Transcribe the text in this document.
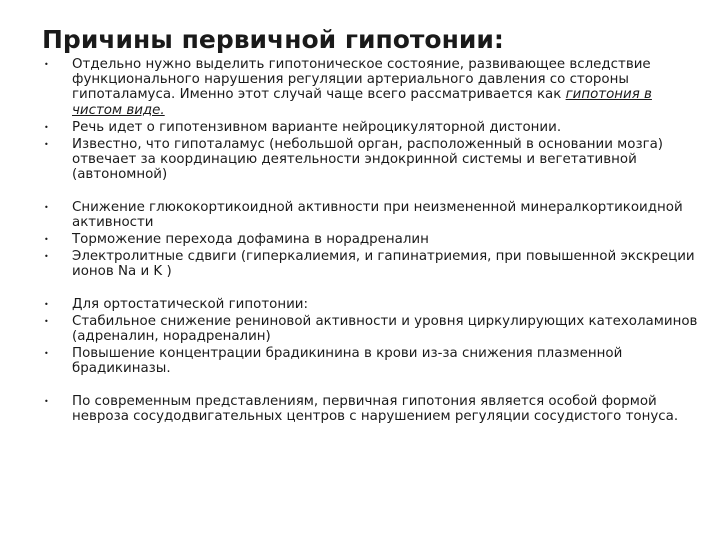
Причины первичной гипотонии:
•	Отдельно нужно выделить гипотоническое состояние, развивающее вследствие функционального нарушения регуляции артериального давления со стороны гипоталамуса. Именно этот случай чаще всего рассматривается как гипотония в чистом виде.
•	Речь идет о гипотензивном варианте нейроцикуляторной дистонии.
•	Известно, что гипоталамус (небольшой орган, расположенный в основании мозга) отвечает за координацию деятельности эндокринной системы и вегетативной (автономной)
•	Снижение глюкокортикоидной активности при неизмененной минералкортикоидной активности
•	Торможение перехода дофамина в норадреналин
•	Электролитные сдвиги (гиперкалиемия, и гапинатриемия, при повышенной экскреции ионов Na и K )
•	Для ортостатической гипотонии:
•	Стабильное снижение рениновой активности и уровня циркулирующих катехоламинов (адреналин, норадреналин)
•	Повышение концентрации брадикинина в крови из-за снижения плазменной брадикиназы.
•	По современным представлениям, первичная гипотония является особой формой невроза сосудодвигательных центров с нарушением регуляции сосудистого тонуса.
